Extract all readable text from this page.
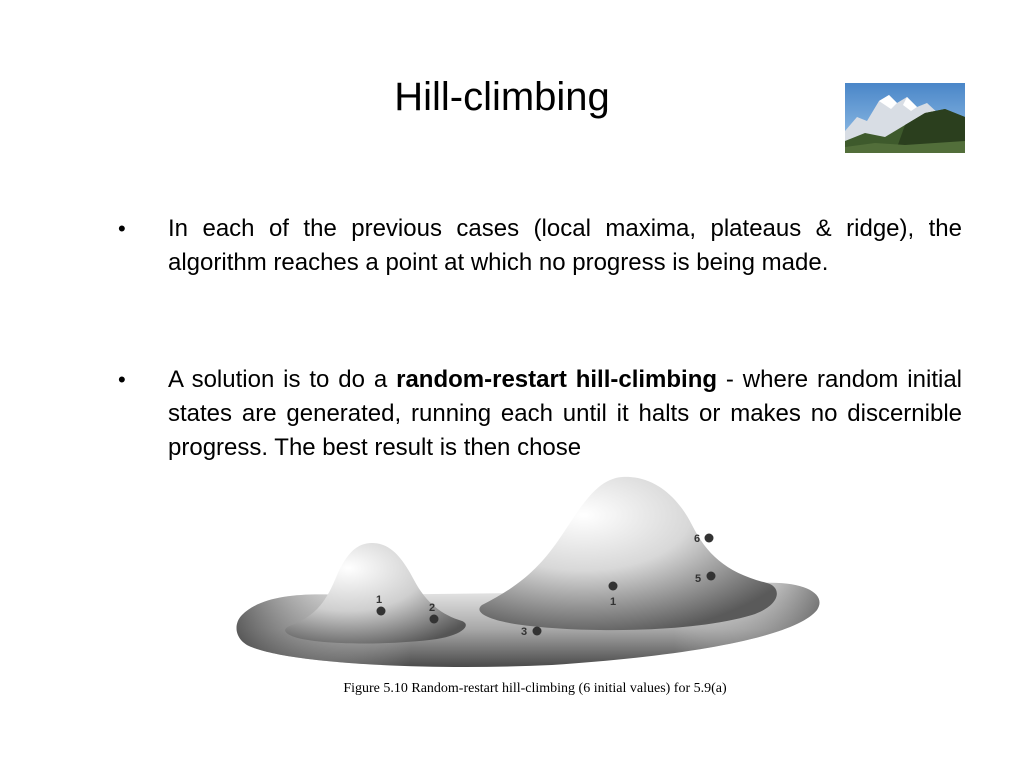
Hill-climbing
•	In each of the previous cases (local maxima, plateaus & ridge), the algorithm reaches a point at which no progress is being made.
•	A solution is to do a random-restart hill-climbing - where random initial states are generated, running each until it halts or makes no discernible progress. The best result is then chose
1
2
3
1
5
6
Figure 5.10 Random-restart hill-climbing (6 initial values) for 5.9(a)
